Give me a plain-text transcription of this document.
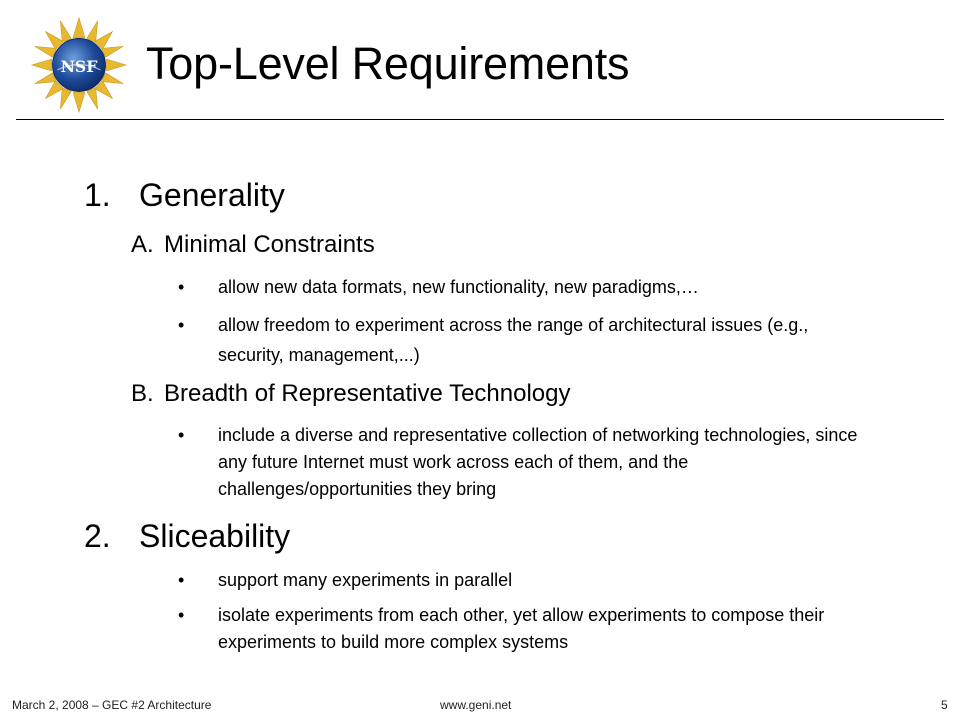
NSF Top-Level Requirements
1. Generality
A. Minimal Constraints
• allow new data formats, new functionality, new paradigms,…
• allow freedom to experiment across the range of architectural issues (e.g., security, management,...)
B. Breadth of Representative Technology
• include a diverse and representative collection of networking technologies, since any future Internet must work across each of them, and the challenges/opportunities they bring
2. Sliceability
• support many experiments in parallel
• isolate experiments from each other, yet allow experiments to compose their experiments to build more complex systems
March 2, 2008 – GEC #2 Architecture	www.geni.net	5
